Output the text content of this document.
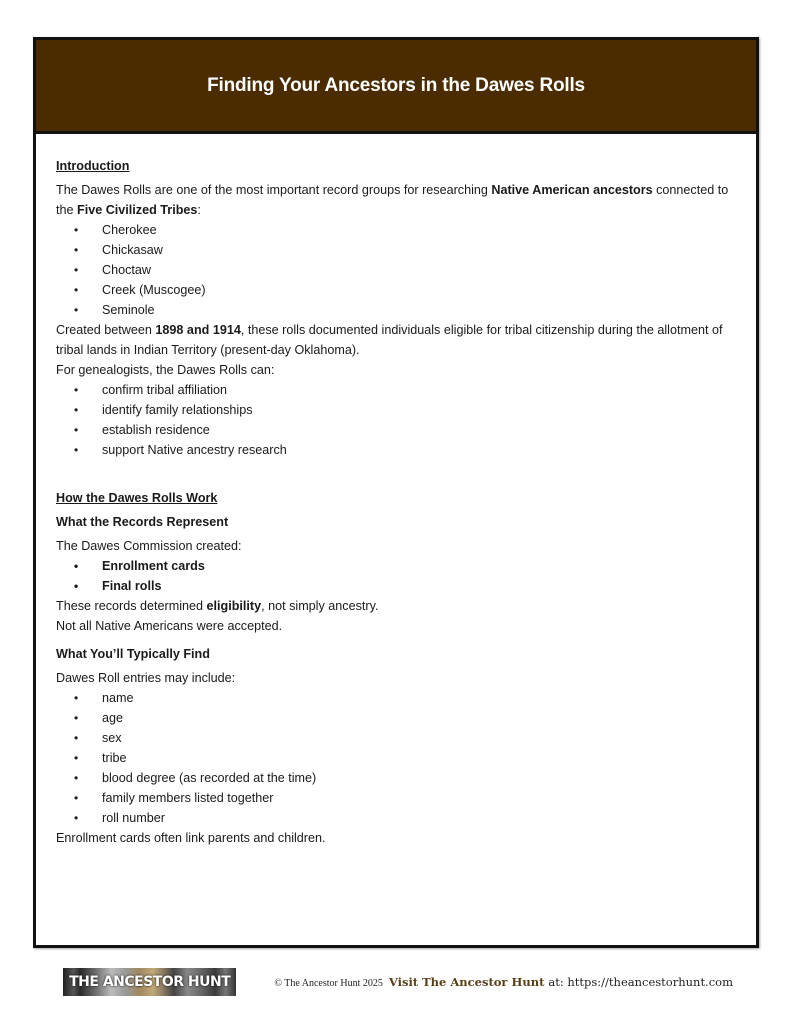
Finding Your Ancestors in the Dawes Rolls

Introduction

The Dawes Rolls are one of the most important record groups for researching Native American ancestors connected to the Five Civilized Tribes:

• Cherokee
• Chickasaw
• Choctaw
• Creek (Muscogee)
• Seminole

Created between 1898 and 1914, these rolls documented individuals eligible for tribal citizenship during the allotment of tribal lands in Indian Territory (present-day Oklahoma).

For genealogists, the Dawes Rolls can:

• confirm tribal affiliation
• identify family relationships
• establish residence
• support Native ancestry research

How the Dawes Rolls Work

What the Records Represent

The Dawes Commission created:

• Enrollment cards
• Final rolls

These records determined eligibility, not simply ancestry.

Not all Native Americans were accepted.

What You’ll Typically Find

Dawes Roll entries may include:

• name
• age
• sex
• tribe
• blood degree (as recorded at the time)
• family members listed together
• roll number

Enrollment cards often link parents and children.

THE ANCESTOR HUNT	© The Ancestor Hunt 2025 Visit The Ancestor Hunt at: https://theancestorhunt.com
